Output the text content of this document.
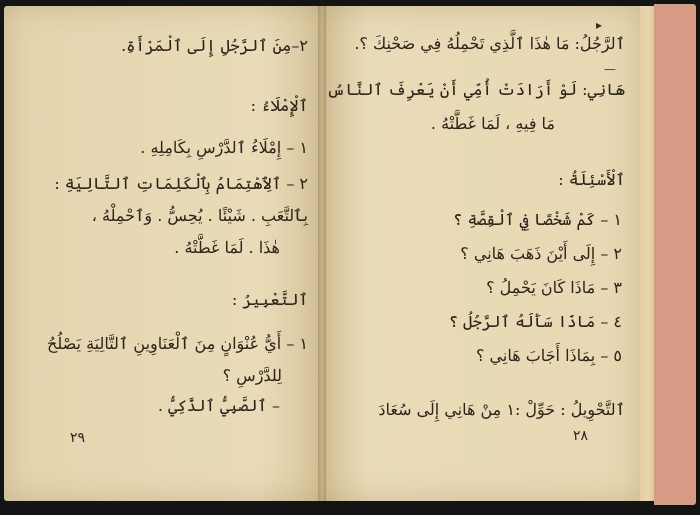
٢–مِنَ ٱلرَّجُلِ إِلَى ٱلْمَرْأَةِ.
ٱلْإِمْلَاءُ :
١ – إِمْلَاءُ ٱلدَّرْسِ بِكَامِلِهِ .
٢ – ٱلِٱهْتِمَامُ بِٱلْكَلِمَاتِ ٱلتَّالِيَةِ :
بِٱلتَّعَبِ . شَيْئًا . يُحِسُّ . وَٱحْمِلْهُ ،
هٰذَا . لَمَا غَطَّتْهُ .
ٱلتَّعْبِيرُ :
١ – أَيُّ عُنْوَانٍ مِنَ ٱلْعَنَاوِينِ ٱلتَّالِيَةِ يَصْلُحُ
لِلدَّرْسِ ؟
– ٱلصَّبِيُّ ٱلذَّكِيُّ .
٢٩
ٱلرَّجُلُ: مَا هٰذَا ٱلَّذِي تَحْمِلُهُ فِي صَحْنِكَ ؟.
هَانِي: لَوْ أَرَادَتْ أُمِّي أَنْ يَعْرِفَ ٱلنَّاسُ
مَا فِيهِ ، لَمَا غَطَّتْهُ .
ٱلْأَسْئِلَةُ :
١ – كَمْ شَخْصًا فِي ٱلْقِصَّةِ ؟
٢ – إِلَى أَيْنَ ذَهَبَ هَانِي ؟
٣ – مَاذَا كَانَ يَحْمِلُ ؟
٤ – مَاذَا سَأَلَهُ ٱلرَّجُلُ ؟
٥ – بِمَاذَا أَجَابَ هَانِي ؟
ٱلتَّحْوِيلُ : حَوِّلْ :١ مِنْ هَانِي إِلَى سُعَادَ
٢٨
▸
—
